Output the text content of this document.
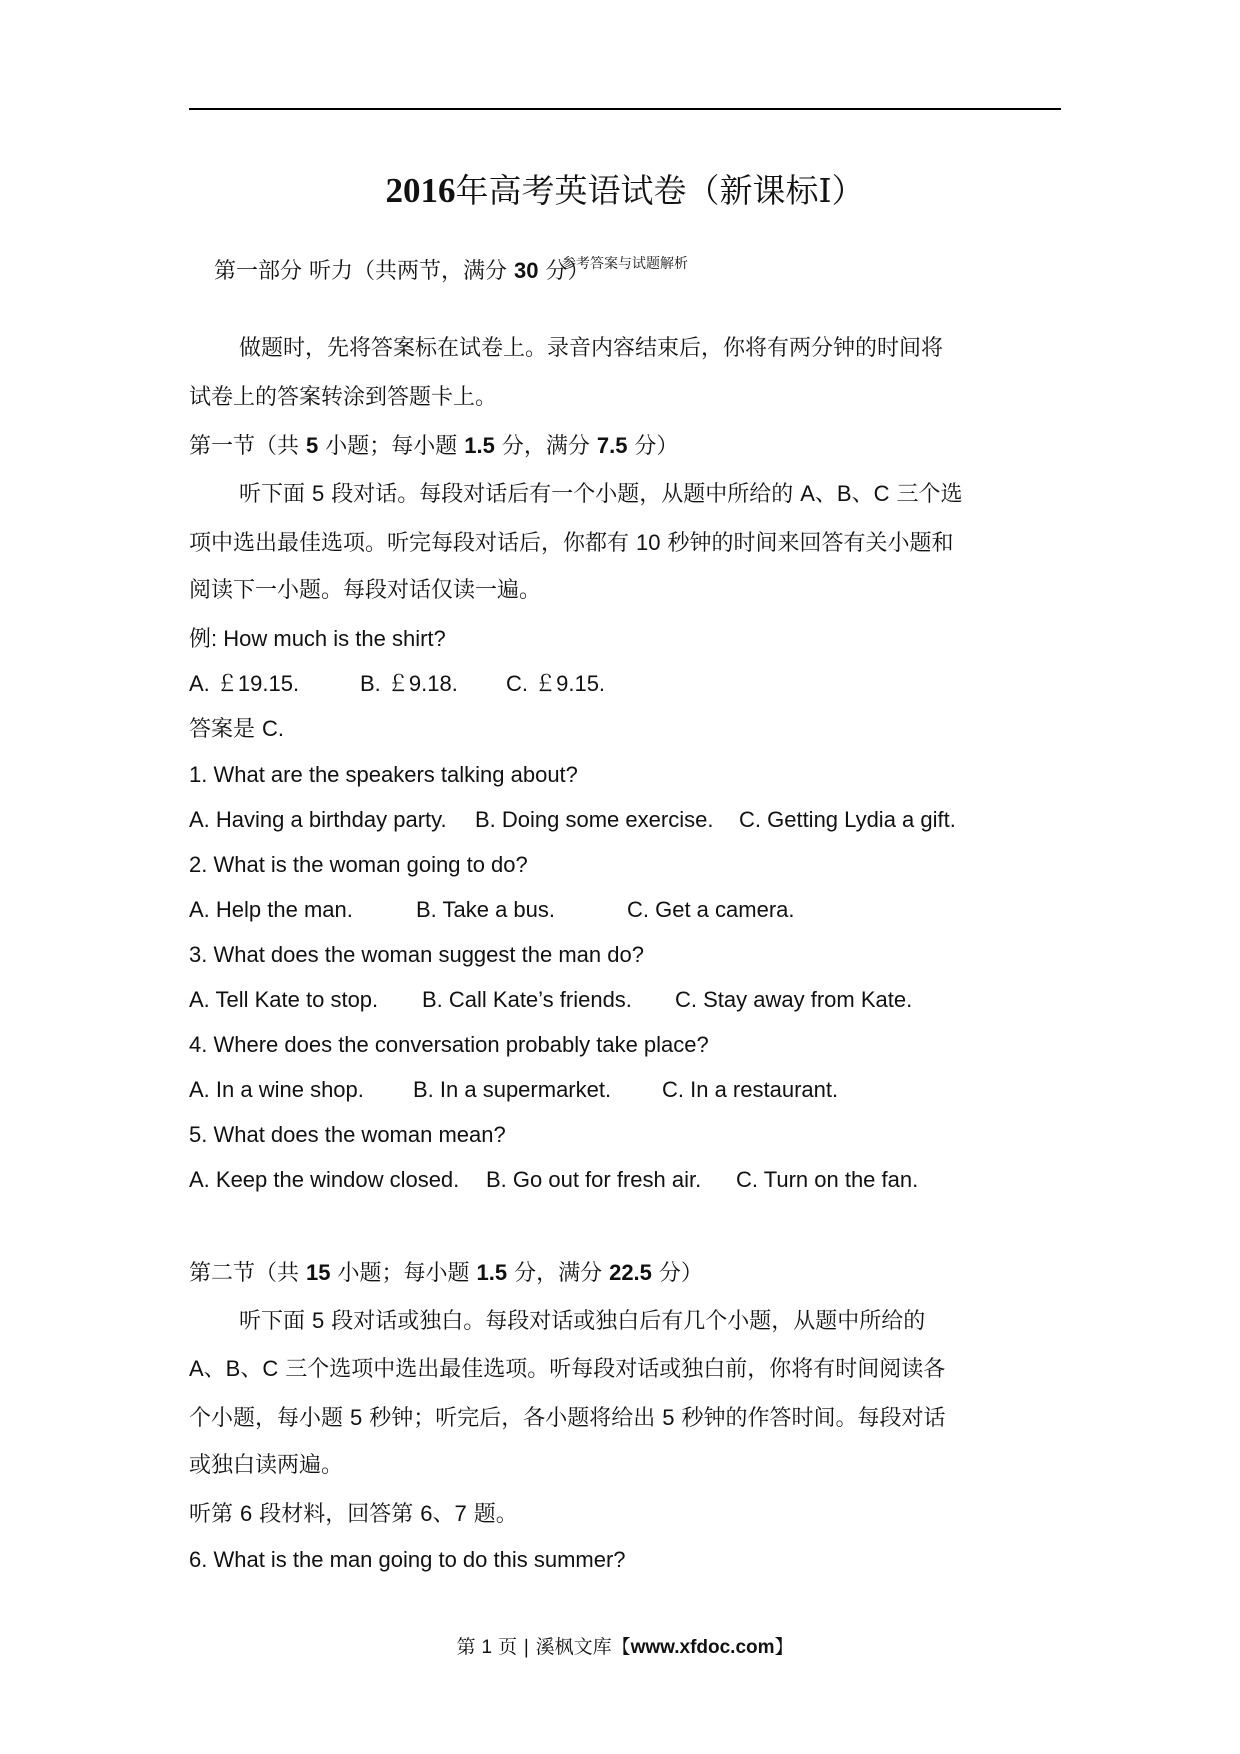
2016年高考英语试卷（新课标Ⅰ）
参考答案与试题解析
第一部分 听力（共两节，满分 30 分）
做题时，先将答案标在试卷上。录音内容结束后，你将有两分钟的时间将
试卷上的答案转涂到答题卡上。
第一节（共 5 小题；每小题 1.5 分，满分 7.5 分）
听下面 5 段对话。每段对话后有一个小题，从题中所给的 A、B、C 三个选
项中选出最佳选项。听完每段对话后，你都有 10 秒钟的时间来回答有关小题和
阅读下一小题。每段对话仅读一遍。
例: How much is the shirt?
A. ￡19.15.	B. ￡9.18. C. ￡9.15.
答案是 C.
1. What are the speakers talking about?
A. Having a birthday party. B. Doing some exercise. C. Getting Lydia a gift.
2. What is the woman going to do?
A. Help the man.	B. Take a bus.	C. Get a camera.
3. What does the woman suggest the man do?
A. Tell Kate to stop. B. Call Kate’s friends. C. Stay away from Kate.
4. Where does the conversation probably take place?
A. In a wine shop. B. In a supermarket. C. In a restaurant.
5. What does the woman mean?
A. Keep the window closed. B. Go out for fresh air. C. Turn on the fan.
第二节（共 15 小题；每小题 1.5 分，满分 22.5 分）
听下面 5 段对话或独白。每段对话或独白后有几个小题，从题中所给的
A、B、C 三个选项中选出最佳选项。听每段对话或独白前，你将有时间阅读各
个小题，每小题 5 秒钟；听完后，各小题将给出 5 秒钟的作答时间。每段对话
或独白读两遍。
听第 6 段材料，回答第 6、7 题。
6. What is the man going to do this summer?
第 1 页 | 溪枫文库【www.xfdoc.com】
